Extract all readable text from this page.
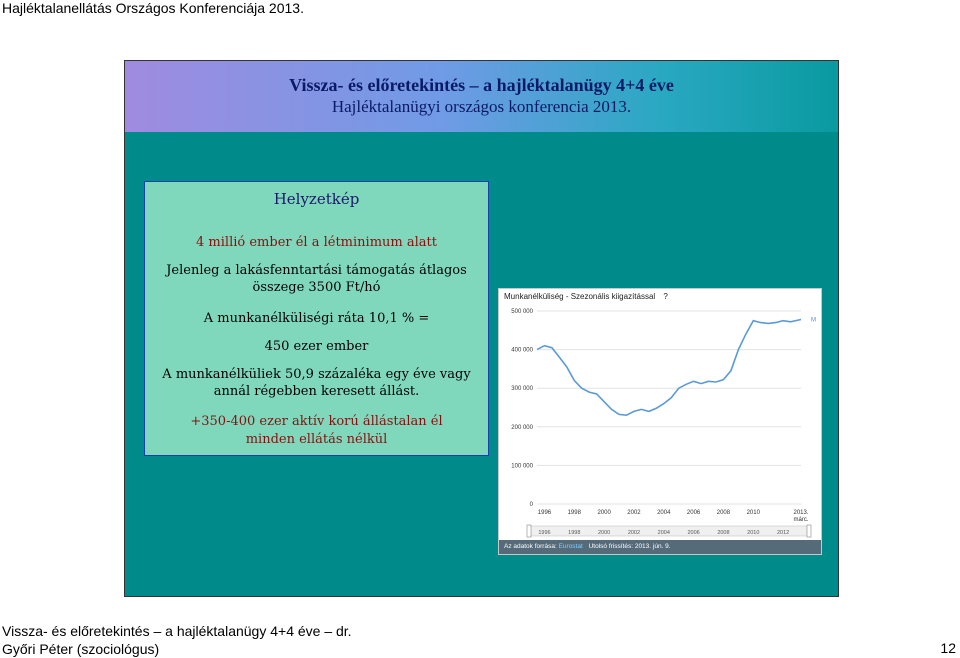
Hajléktalanellátás Országos Konferenciája 2013.
Vissza- és előretekintés – a hajléktalanügy 4+4 éve
Hajléktalanügyi országos konferencia 2013.
Helyzetkép
4 millió ember él a létminimum alatt
Jelenleg a lakásfenntartási támogatás átlagos
összege 3500 Ft/hó
A munkanélküliségi ráta 10,1 % =
450 ezer ember
A munkanélküliek 50,9 százaléka egy éve vagy
annál régebben keresett állást.
+350-400 ezer aktív korú állástalan él
minden ellátás nélkül
Munkanélküliség - Szezonális kiigazítással ?
500 000
400 000
300 000
200 000
100 000
0
1996	1998	2000	2002	2004	2006	2008	2010	2013.
márc.
M
1996	1998	2000	2002	2004	2006	2008	2010	2012
Az adatok forrása: Eurostat Utolsó frissítés: 2013. jún. 9.
Vissza- és előretekintés – a hajléktalanügy 4+4 éve – dr.
Győri Péter (szociológus)	12
